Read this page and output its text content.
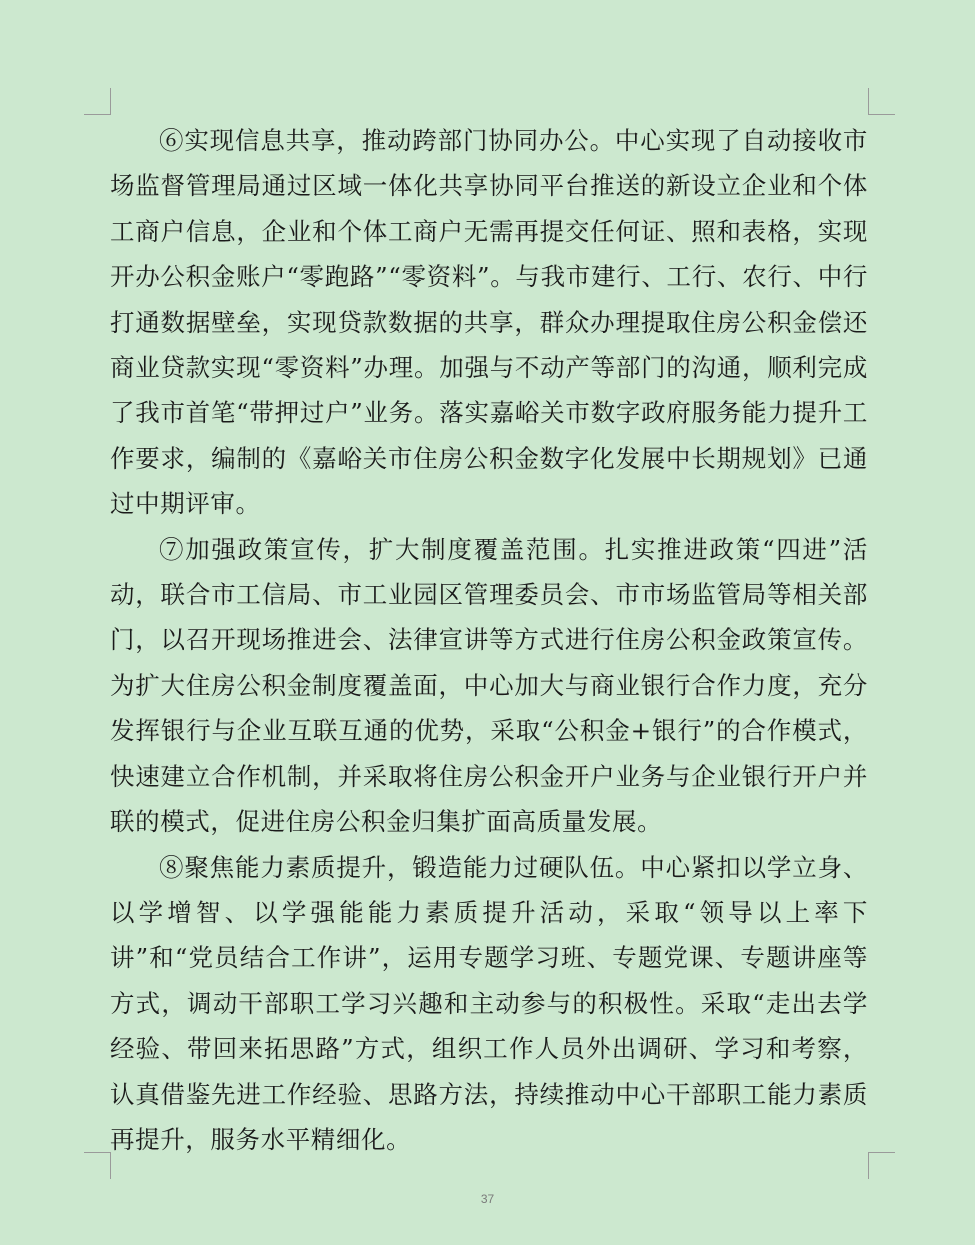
⑥实现信息共享，推动跨部门协同办公。中心实现了自动接收市场监督管理局通过区域一体化共享协同平台推送的新设立企业和个体工商户信息，企业和个体工商户无需再提交任何证、照和表格，实现开办公积金账户“零跑路”“零资料”。与我市建行、工行、农行、中行打通数据壁垒，实现贷款数据的共享，群众办理提取住房公积金偿还商业贷款实现“零资料”办理。加强与不动产等部门的沟通，顺利完成了我市首笔“带押过户”业务。落实嘉峪关市数字政府服务能力提升工作要求，编制的《嘉峪关市住房公积金数字化发展中长期规划》已通过中期评审。

⑦加强政策宣传，扩大制度覆盖范围。扎实推进政策“四进”活动，联合市工信局、市工业园区管理委员会、市市场监管局等相关部门，以召开现场推进会、法律宣讲等方式进行住房公积金政策宣传。为扩大住房公积金制度覆盖面，中心加大与商业银行合作力度，充分发挥银行与企业互联互通的优势，采取“公积金+银行”的合作模式，快速建立合作机制，并采取将住房公积金开户业务与企业银行开户并联的模式，促进住房公积金归集扩面高质量发展。

⑧聚焦能力素质提升，锻造能力过硬队伍。中心紧扣以学立身、以学增智、以学强能能力素质提升活动，采取“领导以上率下讲”和“党员结合工作讲”，运用专题学习班、专题党课、专题讲座等方式，调动干部职工学习兴趣和主动参与的积极性。采取“走出去学经验、带回来拓思路”方式，组织工作人员外出调研、学习和考察，认真借鉴先进工作经验、思路方法，持续推动中心干部职工能力素质再提升，服务水平精细化。

37
